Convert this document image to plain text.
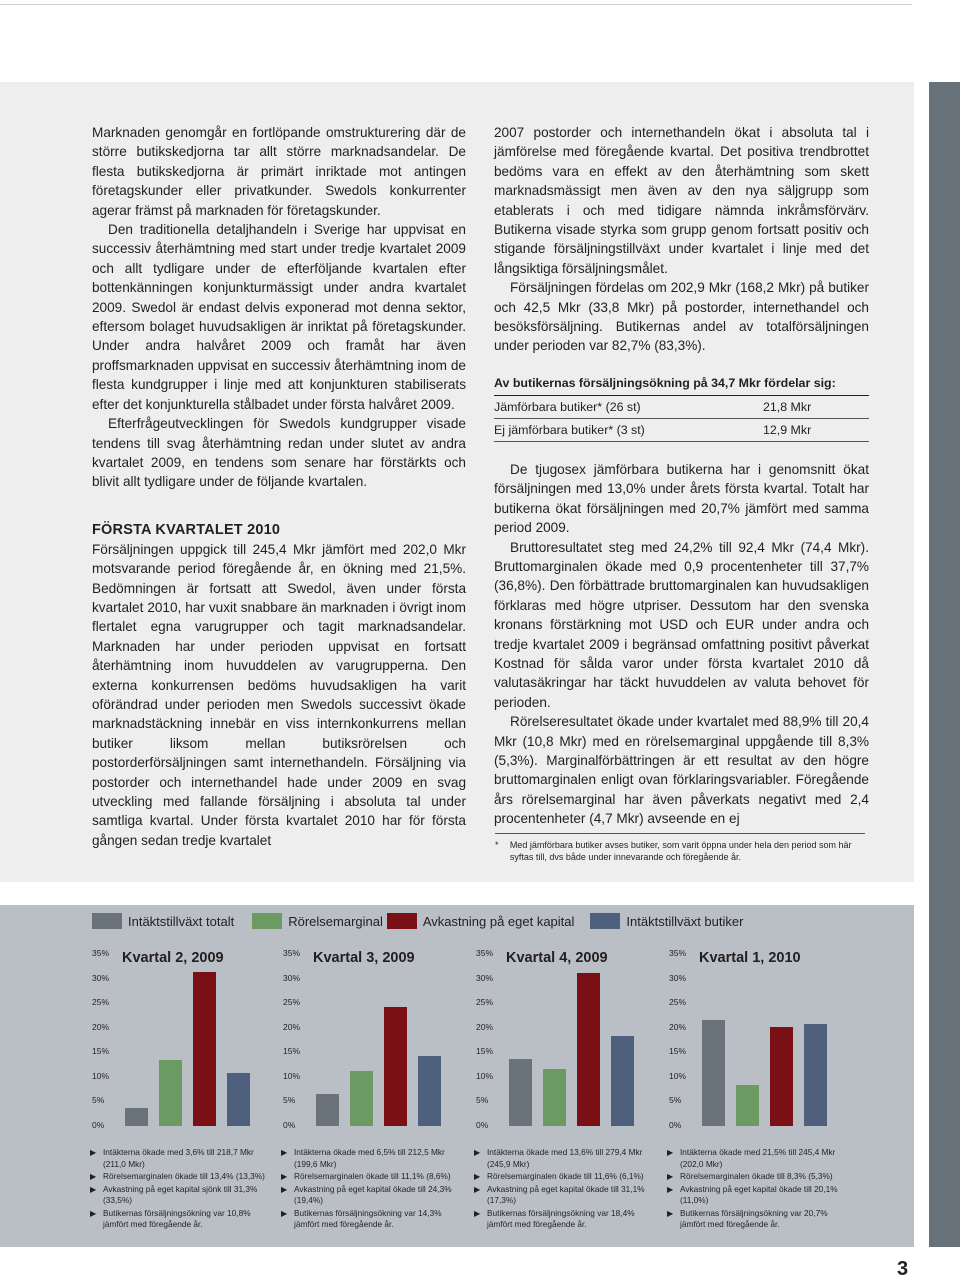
Marknaden genomgår en fortlöpande omstrukturering där de större butikskedjorna tar allt större marknadsandelar. De flesta butikskedjorna är primärt inriktade mot antingen företagskunder eller privatkunder. Swedols konkurrenter agerar främst på marknaden för företagskunder.

Den traditionella detaljhandeln i Sverige har uppvisat en successiv återhämtning med start under tredje kvartalet 2009 och allt tydligare under de efterföljande kvartalen efter bottenkänningen konjunkturmässigt under andra kvartalet 2009. Swedol är endast delvis exponerad mot denna sektor, eftersom bolaget huvudsakligen är inriktat på företagskunder. Under andra halvåret 2009 och framåt har även proffsmarknaden uppvisat en successiv återhämtning inom de flesta kundgrupper i linje med att konjunkturen stabiliserats efter det konjunkturella stålbadet under första halvåret 2009.

Efterfrågeutvecklingen för Swedols kundgrupper visade tendens till svag återhämtning redan under slutet av andra kvartalet 2009, en tendens som senare har förstärkts och blivit allt tydligare under de följande kvartalen.

FÖRSTA KVARTALET 2010

Försäljningen uppgick till 245,4 Mkr jämfört med 202,0 Mkr motsvarande period föregående år, en ökning med 21,5%. Bedömningen är fortsatt att Swedol, även under första kvartalet 2010, har vuxit snabbare än marknaden i övrigt inom flertalet egna varugrupper och tagit marknadsandelar. Marknaden har under perioden uppvisat en fortsatt återhämtning inom huvuddelen av varugrupperna. Den externa konkurrensen bedöms huvudsakligen ha varit oförändrad under perioden men Swedols successivt ökade marknadstäckning innebär en viss internkonkurrens mellan butiker liksom mellan butiksrörelsen och postorderförsäljningen samt internethandeln. Försäljning via postorder och internethandel hade under 2009 en svag utveckling med fallande försäljning i absoluta tal under samtliga kvartal. Under första kvartalet 2010 har för första gången sedan tredje kvartalet

2007 postorder och internethandeln ökat i absoluta tal i jämförelse med föregående kvartal. Det positiva trendbrottet bedöms vara en effekt av den återhämtning som skett marknadsmässigt men även av den nya säljgrupp som etablerats i och med tidigare nämnda inkråmsförvärv. Butikerna visade styrka som grupp genom fortsatt positiv och stigande försäljningstillväxt under kvartalet i linje med det långsiktiga försäljningsmålet.

Försäljningen fördelas om 202,9 Mkr (168,2 Mkr) på butiker och 42,5 Mkr (33,8 Mkr) på postorder, internethandel och besöksförsäljning. Butikernas andel av totalförsäljningen under perioden var 82,7% (83,3%).

Av butikernas försäljningsökning på 34,7 Mkr fördelar sig:
Jämförbara butiker* (26 st)	21,8 Mkr
Ej jämförbara butiker* (3 st)	12,9 Mkr

De tjugosex jämförbara butikerna har i genomsnitt ökat försäljningen med 13,0% under årets första kvartal. Totalt har butikerna ökat försäljningen med 20,7% jämfört med samma period 2009.

Bruttoresultatet steg med 24,2% till 92,4 Mkr (74,4 Mkr). Bruttomarginalen ökade med 0,9 procentenheter till 37,7% (36,8%). Den förbättrade bruttomarginalen kan huvudsakligen förklaras med högre utpriser. Dessutom har den svenska kronans förstärkning mot USD och EUR under andra och tredje kvartalet 2009 i begränsad omfattning positivt påverkat Kostnad för sålda varor under första kvartalet 2010 då valutasäkringar har täckt huvuddelen av valuta behovet för perioden.

Rörelseresultatet ökade under kvartalet med 88,9% till 20,4 Mkr (10,8 Mkr) med en rörelsemarginal uppgående till 8,3% (5,3%). Marginalförbättringen är ett resultat av den högre bruttomarginalen enligt ovan förklaringsvariabler. Föregående års rörelsemarginal har även påverkats negativt med 2,4 procentenheter (4,7 Mkr) avseende en ej

*	Med jämförbara butiker avses butiker, som varit öppna under hela den period som här syftas till, dvs både under innevarande och föregående år.
Intäktstillväxt totalt	Rörelsemarginal	Avkastning på eget kapital	Intäktstillväxt butiker
Kvartal 2, 2009
0%
5%
10%
15%
20%
25%
30%
35%
▶ Intäkterna ökade med 3,6% till 218,7 Mkr (211,0 Mkr)
▶ Rörelsemarginalen ökade till 13,4% (13,3%)
▶ Avkastning på eget kapital sjönk till 31,3% (33,5%)
▶ Butikernas försäljningsökning var 10,8% jämfört med föregående år.
Kvartal 3, 2009
0%
5%
10%
15%
20%
25%
30%
35%
▶ Intäkterna ökade med 6,5% till 212,5 Mkr (199,6 Mkr)
▶ Rörelsemarginalen ökade till 11,1% (8,6%)
▶ Avkastning på eget kapital ökade till 24,3% (19,4%)
▶ Butikernas försäljningsökning var 14,3% jämfört med föregående år.
Kvartal 4, 2009
0%
5%
10%
15%
20%
25%
30%
35%
▶ Intäkterna ökade med 13,6% till 279,4 Mkr (245,9 Mkr)
▶ Rörelsemarginalen ökade till 11,6% (6,1%)
▶ Avkastning på eget kapital ökade till 31,1% (17,3%)
▶ Butikernas försäljningsökning var 18,4% jämfört med föregående år.
Kvartal 1, 2010
0%
5%
10%
15%
20%
25%
30%
35%
▶ Intäkterna ökade med 21,5% till 245,4 Mkr (202,0 Mkr)
▶ Rörelsemarginalen ökade till 8,3% (5,3%)
▶ Avkastning på eget kapital ökade till 20,1% (11,0%)
▶ Butikernas försäljningsökning var 20,7% jämfört med föregående år.
3
